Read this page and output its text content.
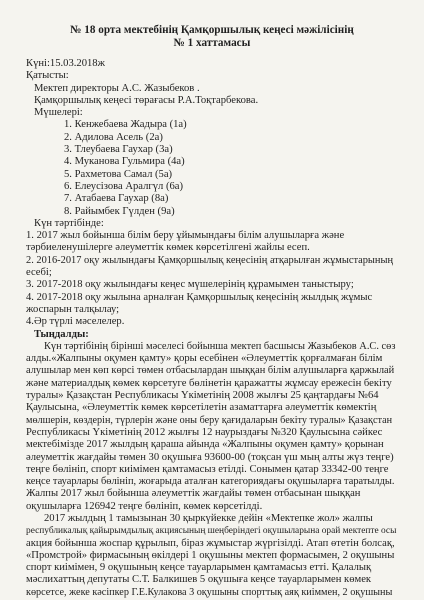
№ 18 орта мектебінің Қамқоршылық кеңесі мәжілісінің
№ 1 хаттамасы
Күні:15.03.2018ж
Қатысты:
Мектеп директоры А.С. Жазыбеков .
Қамқоршылық кеңесі төрағасы Р.А.Тоқтарбекова.
Мүшелері:
1. Кенжебаева Жадыра (1а)
2. Адилова Асель (2а)
3. Тлеубаева Гаухар (3а)
4. Муканова Гульмира (4а)
5. Рахметова Самал (5а)
6. Елеусізова Аралгүл (6а)
7. Атабаева Гаухар (8а)
8. Райымбек Гүлден (9а)
Күн тәртібінде:
1. 2017 жыл бойынша білім беру ұйымындағы білім алушыларға және
тәрбиеленушілерге әлеуметтік көмек көрсетілгені жайлы есеп.
2. 2016-2017 оқу жылындағы Қамқоршылық кеңесінің атқарылған жұмыстарының
есебі;
3. 2017-2018 оқу жылындағы кеңес мүшелерінің құрамымен таныстыру;
4. 2017-2018 оқу жылына арналған Қамқоршылық кеңесінің жылдық жұмыс
жоспарын талқылау;
4.Әр түрлі мәселелер.
Тыңдалды:
Күн тәртібінің бірінші мәселесі бойынша мектеп басшысы Жазыбеков А.С. сөз
алды.«Жалпыны оқумен қамту» қоры есебінен «Әлеуметтік қорғалмаған білім
алушылар мен көп көрсі төмен отбасылардан шыққан білім алушыларға қаржылай
және материалдық көмек көрсетуге бөлінетін қаражатты жұмсау ережесін бекіту
туралы» Қазақстан Республикасы Үкіметінің 2008 жылғы 25 қаңтардағы №64
Қаулысына, «Әлеуметтік көмек көрсетілетін азаматтарға әлеуметтік көмектің
мөлшерін, көздерін, түрлерін және оны беру қағидаларын бекіту туралы» Қазақстан
Республикасы Үкіметінің 2012 жылғы 12 наурыздағы №320 Қаулысына сәйкес
мектебімізде 2017 жылдың қараша айында «Жалпыны оқумен қамту» қорынан
әлеуметтік жағдайы төмен 30 оқушыға 93600-00 (тоқсан үш мың алты жүз теңге)
теңге бөлініп, спорт киімімен қамтамасыз етілді. Сонымен қатар 33342-00 теңге
кеңсе тауарлары бөлініп, жоғарыда аталған категориядағы оқушыларға таратылды.
Жалпы 2017 жыл бойынша әлеуметтік жағдайы төмен отбасынан шыққан
оқушыларға 126942 теңге бөлініп, көмек көрсетілді.
2017 жылдың 1 тамызынан 30 қыркүйекке дейін «Мектепке жол» жалпы
республикалық қайырымдылық акциясының шеңберіндегі оқушыларына орай мектепте осы
акция бойынша жоспар құрылып, біраз жұмыстар жүргізілді. Атап өтетін болсақ,
«Промстрой» фирмасының өкілдері 1 оқушыны мектеп формасымен, 2 оқушыны
спорт киімімен, 9 оқушының кеңсе тауарларымен қамтамасыз етті. Қалалық
мәслихаттың депутаты С.Т. Балкишев 5 оқушыға кеңсе тауарларымен көмек
көрсетсе, жеке кәсіпкер Г.Е.Кулакова 3 оқушыны спорттық аяқ киіммен, 2 оқушыны
